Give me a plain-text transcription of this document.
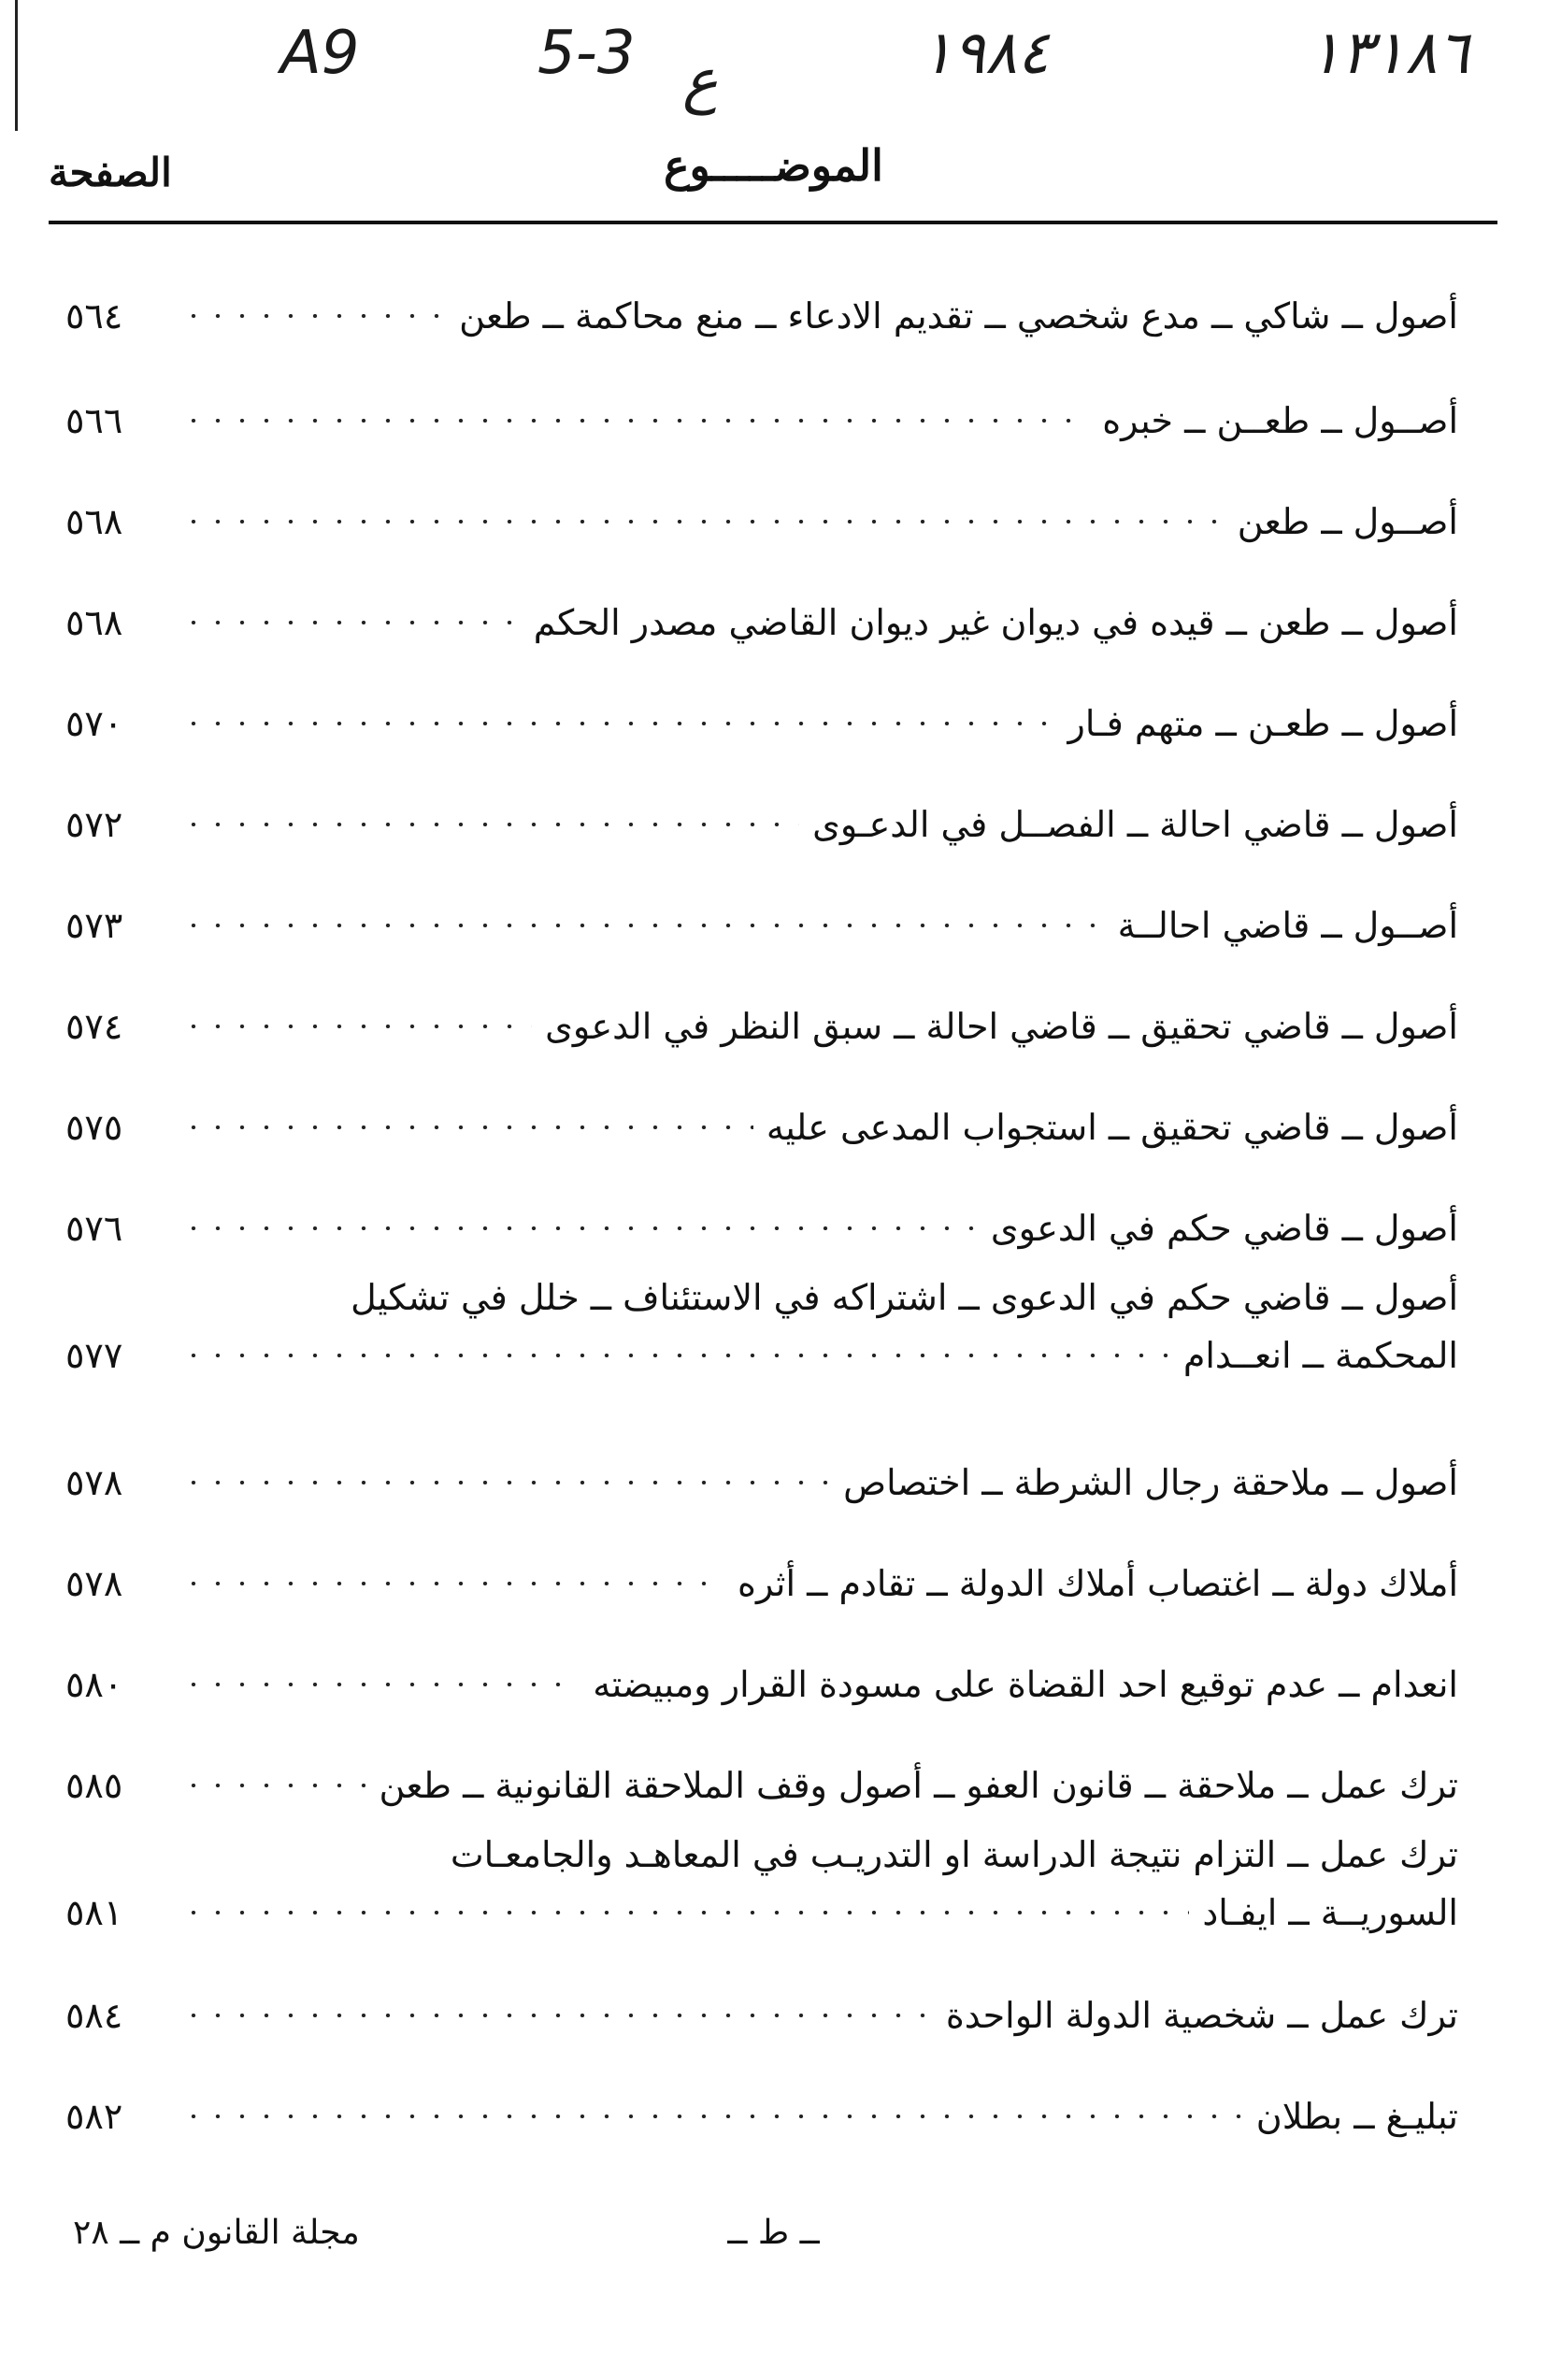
A9	5-3 ع	١٩٨٤	١٣١٨٦
الموضـــــوع
الصفحة
٥٦٤	أصول ــ شاكي ــ مدع شخصي ــ تقديم الادعاء ــ منع محاكمة ــ طعن
٥٦٦	أصــول ــ طعــن ــ خبره
٥٦٨	أصــول ــ طعن
٥٦٨	أصول ــ طعن ــ قيده في ديوان غير ديوان القاضي مصدر الحكم
٥٧٠	أصول ــ طعـن ــ متهم فـار
٥٧٢	أصول ــ قاضي احالة ــ الفصــل في الدعـوى
٥٧٣	أصــول ــ قاضي احالــة
٥٧٤	أصول ــ قاضي تحقيق ــ قاضي احالة ــ سبق النظر في الدعوى
٥٧٥	أصول ــ قاضي تحقيق ــ استجواب المدعى عليه
٥٧٦	أصول ــ قاضي حكم في الدعوى
أصول ــ قاضي حكم في الدعوى ــ اشتراكه في الاستئناف ــ خلل في تشكيل
٥٧٧	المحكمة ــ انعــدام
٥٧٨	أصول ــ ملاحقة رجال الشرطة ــ اختصاص
٥٧٨	أملاك دولة ــ اغتصاب أملاك الدولة ــ تقادم ــ أثره
٥٨٠	انعدام ــ عدم توقيع احد القضاة على مسودة القرار ومبيضته
٥٨٥	ترك عمل ــ ملاحقة ــ قانون العفو ــ أصول وقف الملاحقة القانونية ــ طعن
ترك عمل ــ التزام نتيجة الدراسة او التدريـب في المعاهـد والجامعـات
٥٨١	السوريــة ــ ايفـاد
٥٨٤	ترك عمل ــ شخصية الدولة الواحدة
٥٨٢	تبليـغ ــ بطلان
مجلة القانون م ــ ٢٨	ــ ط ــ
